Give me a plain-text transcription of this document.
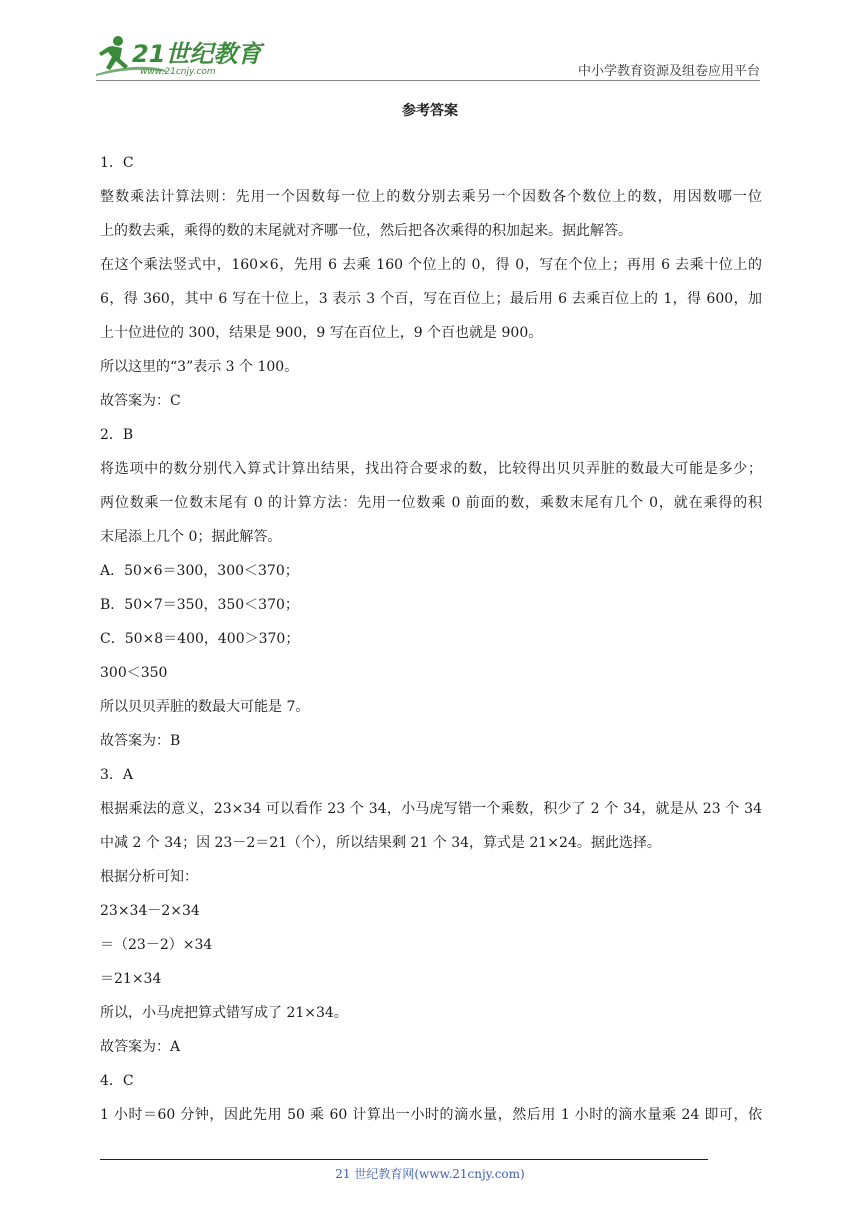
21世纪教育
www.21cnjy.com	中小学教育资源及组卷应用平台
参考答案
1．C
整数乘法计算法则：先用一个因数每一位上的数分别去乘另一个因数各个数位上的数，用因数哪一位
上的数去乘，乘得的数的末尾就对齐哪一位，然后把各次乘得的积加起来。据此解答。
在这个乘法竖式中，160×6，先用 6 去乘 160 个位上的 0，得 0，写在个位上；再用 6 去乘十位上的
6，得 360，其中 6 写在十位上，3 表示 3 个百，写在百位上；最后用 6 去乘百位上的 1，得 600，加
上十位进位的 300，结果是 900，9 写在百位上，9 个百也就是 900。
所以这里的“3”表示 3 个 100。
故答案为：C
2．B
将选项中的数分别代入算式计算出结果，找出符合要求的数，比较得出贝贝弄脏的数最大可能是多少；
两位数乘一位数末尾有 0 的计算方法：先用一位数乘 0 前面的数，乘数末尾有几个 0，就在乘得的积
末尾添上几个 0；据此解答。
A．50×6＝300，300＜370；
B．50×7＝350，350＜370；
C．50×8＝400，400＞370；
300＜350
所以贝贝弄脏的数最大可能是 7。
故答案为：B
3．A
根据乘法的意义，23×34 可以看作 23 个 34，小马虎写错一个乘数，积少了 2 个 34，就是从 23 个 34
中减 2 个 34；因 23－2＝21（个），所以结果剩 21 个 34，算式是 21×24。据此选择。
根据分析可知：
23×34－2×34
＝（23－2）×34
＝21×34
所以，小马虎把算式错写成了 21×34。
故答案为：A
4．C
1 小时＝60 分钟，因此先用 50 乘 60 计算出一小时的滴水量，然后用 1 小时的滴水量乘 24 即可，依
21 世纪教育网(www.21cnjy.com)
